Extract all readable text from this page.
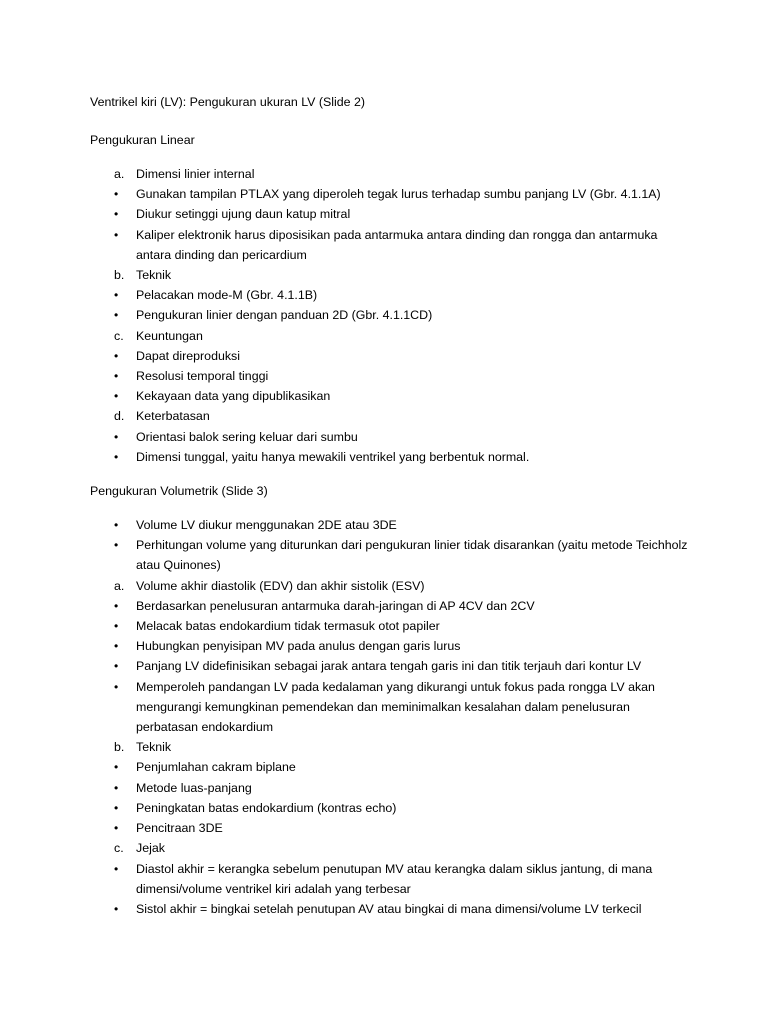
Ventrikel kiri (LV): Pengukuran ukuran LV (Slide 2)

Pengukuran Linear

a. Dimensi linier internal
•	Gunakan tampilan PTLAX yang diperoleh tegak lurus terhadap sumbu panjang LV (Gbr. 4.1.1A)
•	Diukur setinggi ujung daun katup mitral
•	Kaliper elektronik harus diposisikan pada antarmuka antara dinding dan rongga dan antarmuka antara dinding dan pericardium
b. Teknik
•	Pelacakan mode-M (Gbr. 4.1.1B)
•	Pengukuran linier dengan panduan 2D (Gbr. 4.1.1CD)
c. Keuntungan
•	Dapat direproduksi
•	Resolusi temporal tinggi
•	Kekayaan data yang dipublikasikan
d. Keterbatasan
•	Orientasi balok sering keluar dari sumbu
•	Dimensi tunggal, yaitu hanya mewakili ventrikel yang berbentuk normal.

Pengukuran Volumetrik (Slide 3)

•	Volume LV diukur menggunakan 2DE atau 3DE
•	Perhitungan volume yang diturunkan dari pengukuran linier tidak disarankan (yaitu metode Teichholz atau Quinones)
a. Volume akhir diastolik (EDV) dan akhir sistolik (ESV)
•	Berdasarkan penelusuran antarmuka darah-jaringan di AP 4CV dan 2CV
•	Melacak batas endokardium tidak termasuk otot papiler
•	Hubungkan penyisipan MV pada anulus dengan garis lurus
•	Panjang LV didefinisikan sebagai jarak antara tengah garis ini dan titik terjauh dari kontur LV
•	Memperoleh pandangan LV pada kedalaman yang dikurangi untuk fokus pada rongga LV akan mengurangi kemungkinan pemendekan dan meminimalkan kesalahan dalam penelusuran perbatasan endokardium
b. Teknik
•	Penjumlahan cakram biplane
•	Metode luas-panjang
•	Peningkatan batas endokardium (kontras echo)
•	Pencitraan 3DE
c. Jejak
•	Diastol akhir = kerangka sebelum penutupan MV atau kerangka dalam siklus jantung, di mana dimensi/volume ventrikel kiri adalah yang terbesar
•	Sistol akhir = bingkai setelah penutupan AV atau bingkai di mana dimensi/volume LV terkecil
